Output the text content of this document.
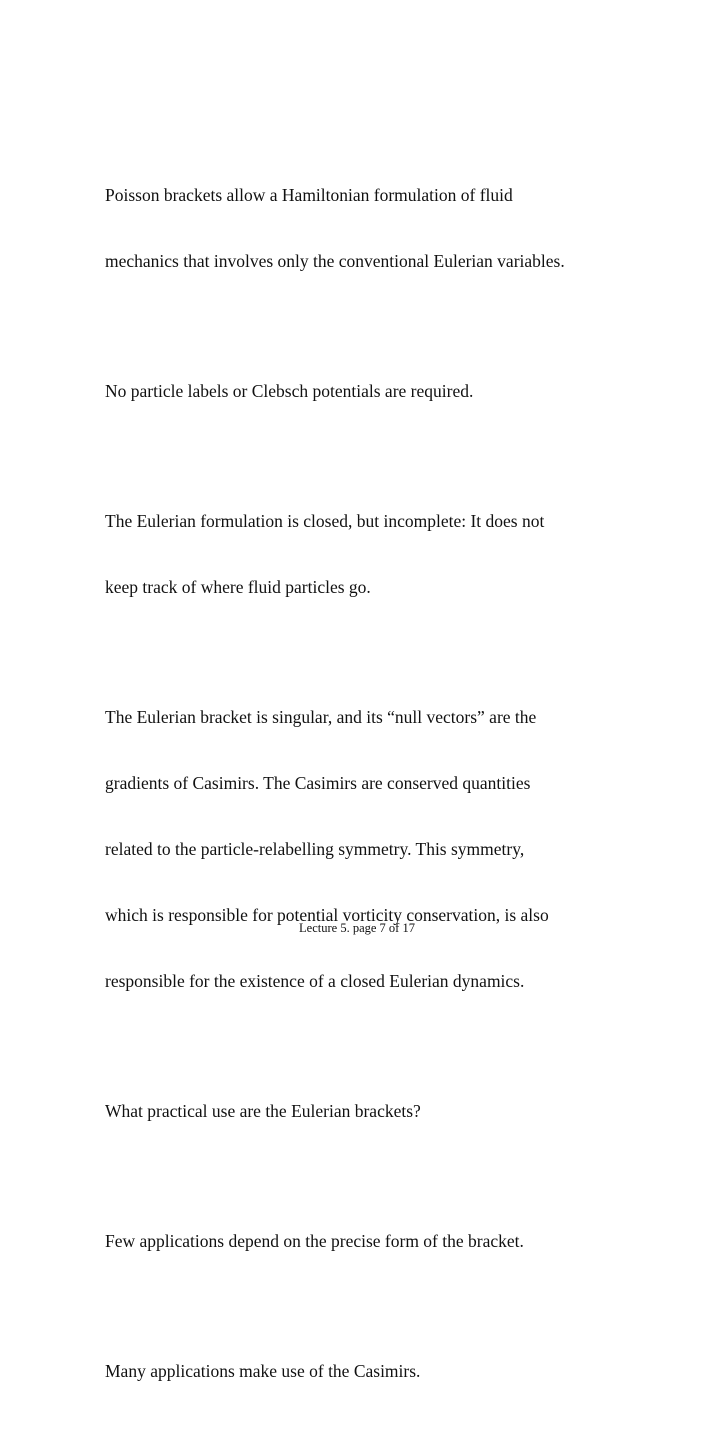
Poisson brackets allow a Hamiltonian formulation of fluid

mechanics that involves only the conventional Eulerian variables.

No particle labels or Clebsch potentials are required.

The Eulerian formulation is closed, but incomplete: It does not

keep track of where fluid particles go.

The Eulerian bracket is singular, and its “null vectors” are the

gradients of Casimirs. The Casimirs are conserved quantities

related to the particle-relabelling symmetry. This symmetry,

which is responsible for potential vorticity conservation, is also

responsible for the existence of a closed Eulerian dynamics.

What practical use are the Eulerian brackets?

Few applications depend on the precise form of the bracket.

Many applications make use of the Casimirs.

Lecture 5. page 7 of 17
